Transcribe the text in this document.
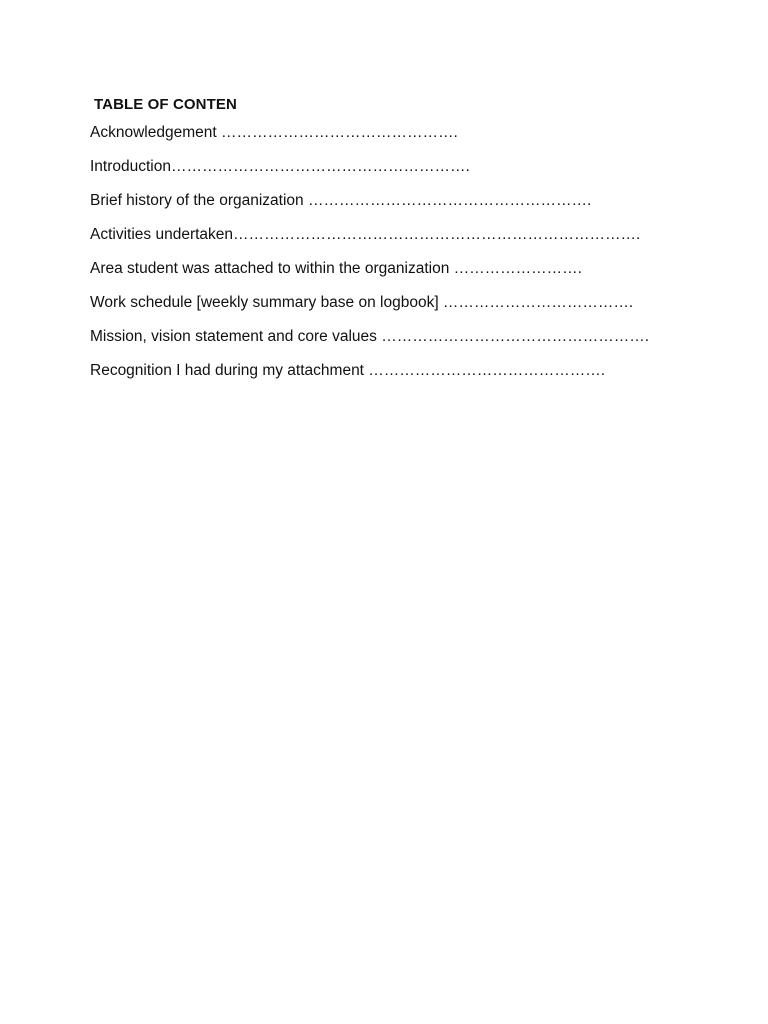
TABLE OF CONTEN
Acknowledgement ……………………………………….
Introduction………………………………………………….
Brief history of the organization ……………………………………………….
Activities undertaken…………………………………………………………………….
Area student was attached to within the organization …………………….
Work schedule [weekly summary base on logbook] ……………………………….
Mission, vision statement and core values …………………………………………….
Recognition I had during my attachment ……………………………………….
